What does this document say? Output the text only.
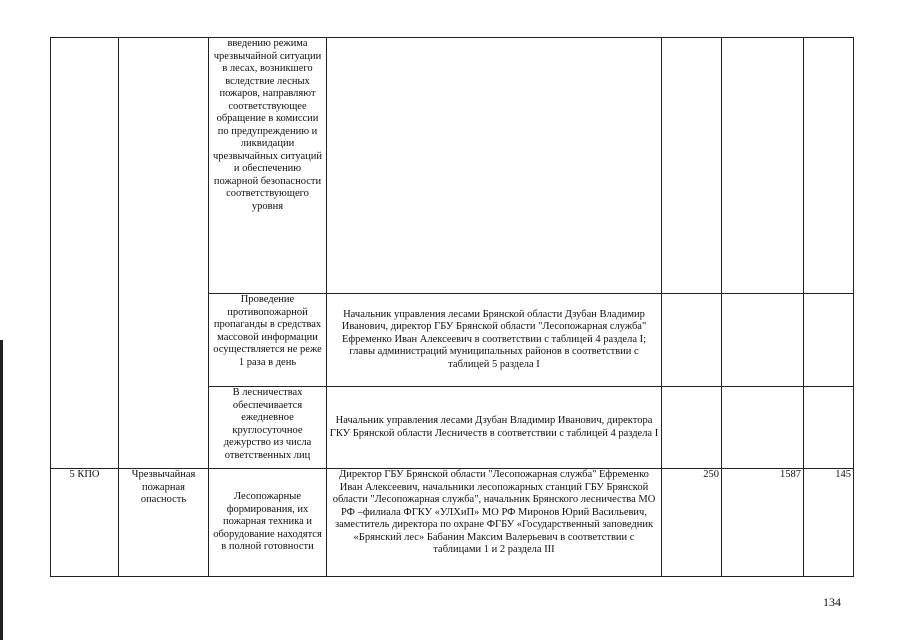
		введению режима чрезвычайной ситуации в лесах, возникшего вследствие лесных пожаров, направляют соответствующее обращение в комиссии по предупреждению и ликвидации чрезвычайных ситуаций и обеспечению пожарной безопасности соответствующего уровня				
		Проведение противопожарной пропаганды в средствах массовой информации осуществляется не реже 1 раза в день	Начальник управления лесами Брянской области Дзубан Владимир Иванович, директор ГБУ Брянской области "Лесопожарная служба" Ефременко Иван Алексеевич в соответствии с таблицей 4 раздела I; главы администраций муниципальных районов в соответствии с таблицей 5 раздела I			
		В лесничествах обеспечивается ежедневное круглосуточное дежурство из числа ответственных лиц	Начальник управления лесами Дзубан Владимир Иванович, директора ГКУ Брянской области Лесничеств в соответствии с таблицей 4 раздела I			
5 КПО	Чрезвычайная пожарная опасность	Лесопожарные формирования, их пожарная техника и оборудование находятся в полной готовности	Директор ГБУ Брянской области "Лесопожарная служба" Ефременко Иван Алексеевич, начальники лесопожарных станций ГБУ Брянской области "Лесопожарная служба", начальник Брянского лесничества МО РФ –филиала ФГКУ «УЛХиП» МО РФ Миронов Юрий Васильевич, заместитель директора по охране ФГБУ «Государственный заповедник «Брянский лес» Бабанин Максим Валерьевич в соответствии с таблицами 1 и 2 раздела III	250	1587	145
134
